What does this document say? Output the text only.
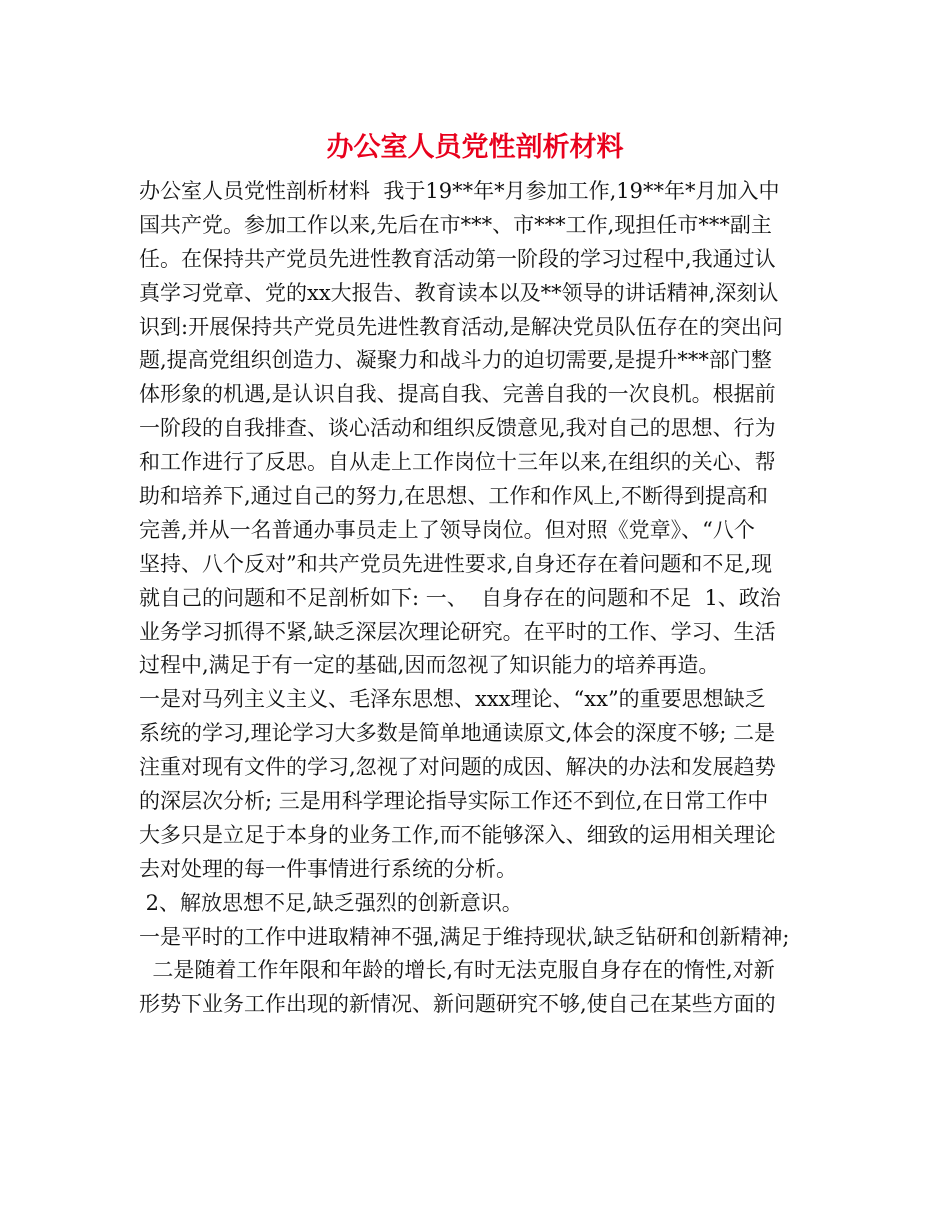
办公室人员党性剖析材料
办公室人员党性剖析材料  我于19**年*月参加工作,19**年*月加入中
国共产党。参加工作以来,先后在市***、市***工作,现担任市***副主
任。在保持共产党员先进性教育活动第一阶段的学习过程中,我通过认
真学习党章、党的xx大报告、教育读本以及**领导的讲话精神,深刻认
识到:开展保持共产党员先进性教育活动,是解决党员队伍存在的突出问
题,提高党组织创造力、凝聚力和战斗力的迫切需要,是提升***部门整
体形象的机遇,是认识自我、提高自我、完善自我的一次良机。根据前
一阶段的自我排查、谈心活动和组织反馈意见,我对自己的思想、行为
和工作进行了反思。自从走上工作岗位十三年以来,在组织的关心、帮
助和培养下,通过自己的努力,在思想、工作和作风上,不断得到提高和
完善,并从一名普通办事员走上了领导岗位。但对照《党章》、“八个
坚持、八个反对”和共产党员先进性要求,自身还存在着问题和不足,现
就自己的问题和不足剖析如下: 一、  自身存在的问题和不足  1、政治
业务学习抓得不紧,缺乏深层次理论研究。在平时的工作、学习、生活
过程中,满足于有一定的基础,因而忽视了知识能力的培养再造。
一是对马列主义主义、毛泽东思想、xxx理论、“xx”的重要思想缺乏
系统的学习,理论学习大多数是简单地通读原文,体会的深度不够; 二是
注重对现有文件的学习,忽视了对问题的成因、解决的办法和发展趋势
的深层次分析; 三是用科学理论指导实际工作还不到位,在日常工作中
大多只是立足于本身的业务工作,而不能够深入、细致的运用相关理论
去对处理的每一件事情进行系统的分析。
2、解放思想不足,缺乏强烈的创新意识。
一是平时的工作中进取精神不强,满足于维持现状,缺乏钻研和创新精神;
二是随着工作年限和年龄的增长,有时无法克服自身存在的惰性,对新
形势下业务工作出现的新情况、新问题研究不够,使自己在某些方面的
